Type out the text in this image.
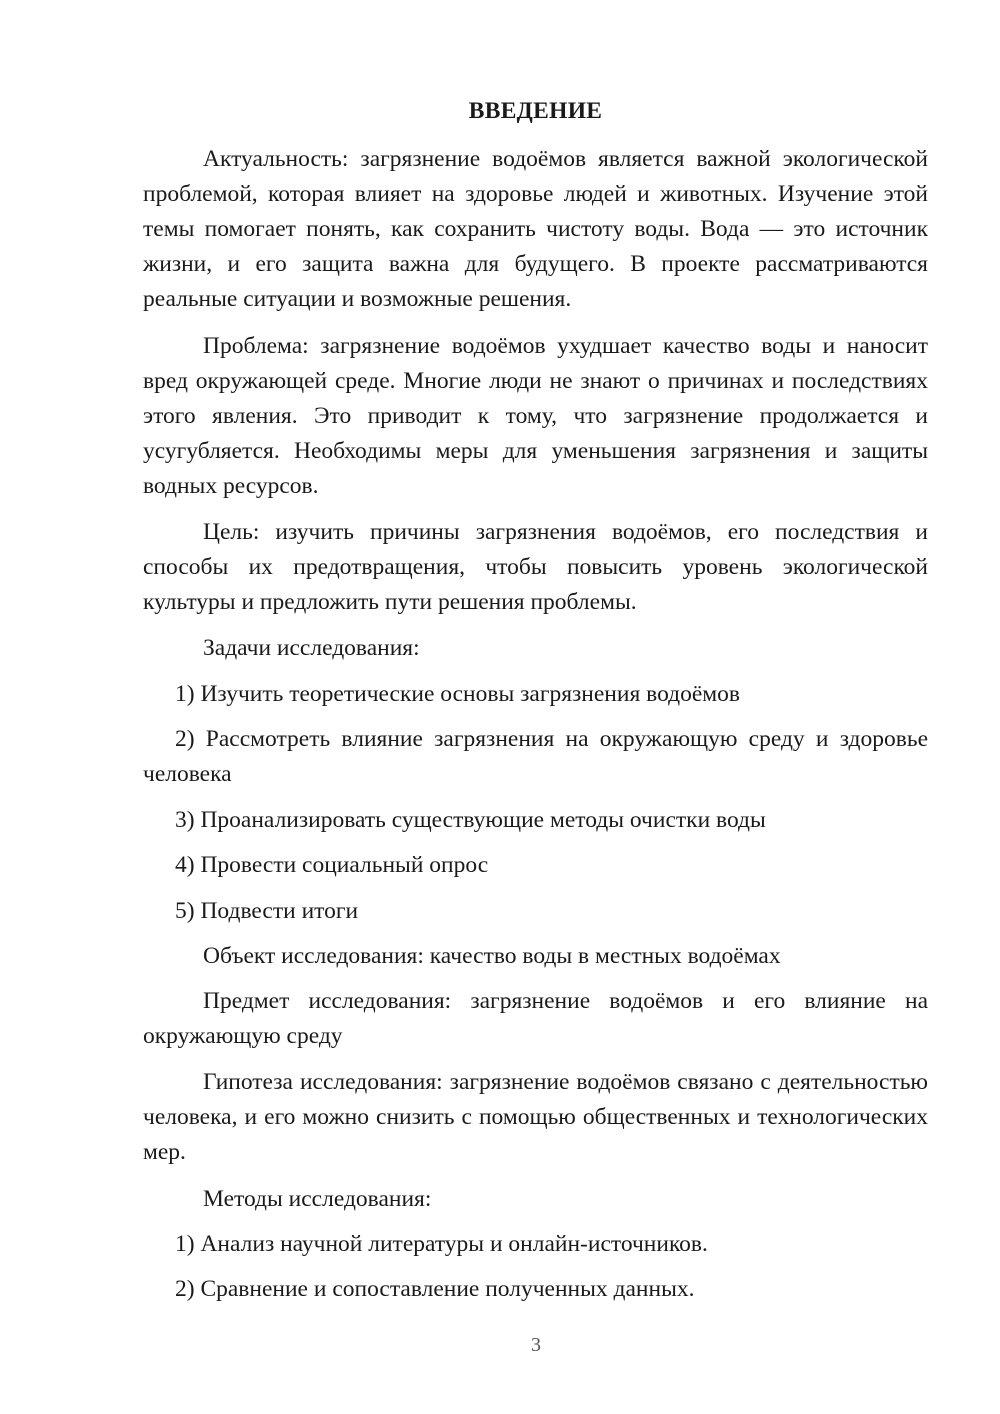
ВВЕДЕНИЕ

Актуальность: загрязнение водоёмов является важной экологической проблемой, которая влияет на здоровье людей и животных. Изучение этой темы помогает понять, как сохранить чистоту воды. Вода — это источник жизни, и его защита важна для будущего. В проекте рассматриваются реальные ситуации и возможные решения.

Проблема: загрязнение водоёмов ухудшает качество воды и наносит вред окружающей среде. Многие люди не знают о причинах и последствиях этого явления. Это приводит к тому, что загрязнение продолжается и усугубляется. Необходимы меры для уменьшения загрязнения и защиты водных ресурсов.

Цель: изучить причины загрязнения водоёмов, его последствия и способы их предотвращения, чтобы повысить уровень экологической культуры и предложить пути решения проблемы.

Задачи исследования:

1) Изучить теоретические основы загрязнения водоёмов

2) Рассмотреть влияние загрязнения на окружающую среду и здоровье человека

3) Проанализировать существующие методы очистки воды

4) Провести социальный опрос

5) Подвести итоги

Объект исследования: качество воды в местных водоёмах

Предмет исследования: загрязнение водоёмов и его влияние на окружающую среду

Гипотеза исследования: загрязнение водоёмов связано с деятельностью человека, и его можно снизить с помощью общественных и технологических мер.

Методы исследования:

1) Анализ научной литературы и онлайн-источников.

2) Сравнение и сопоставление полученных данных.

3
